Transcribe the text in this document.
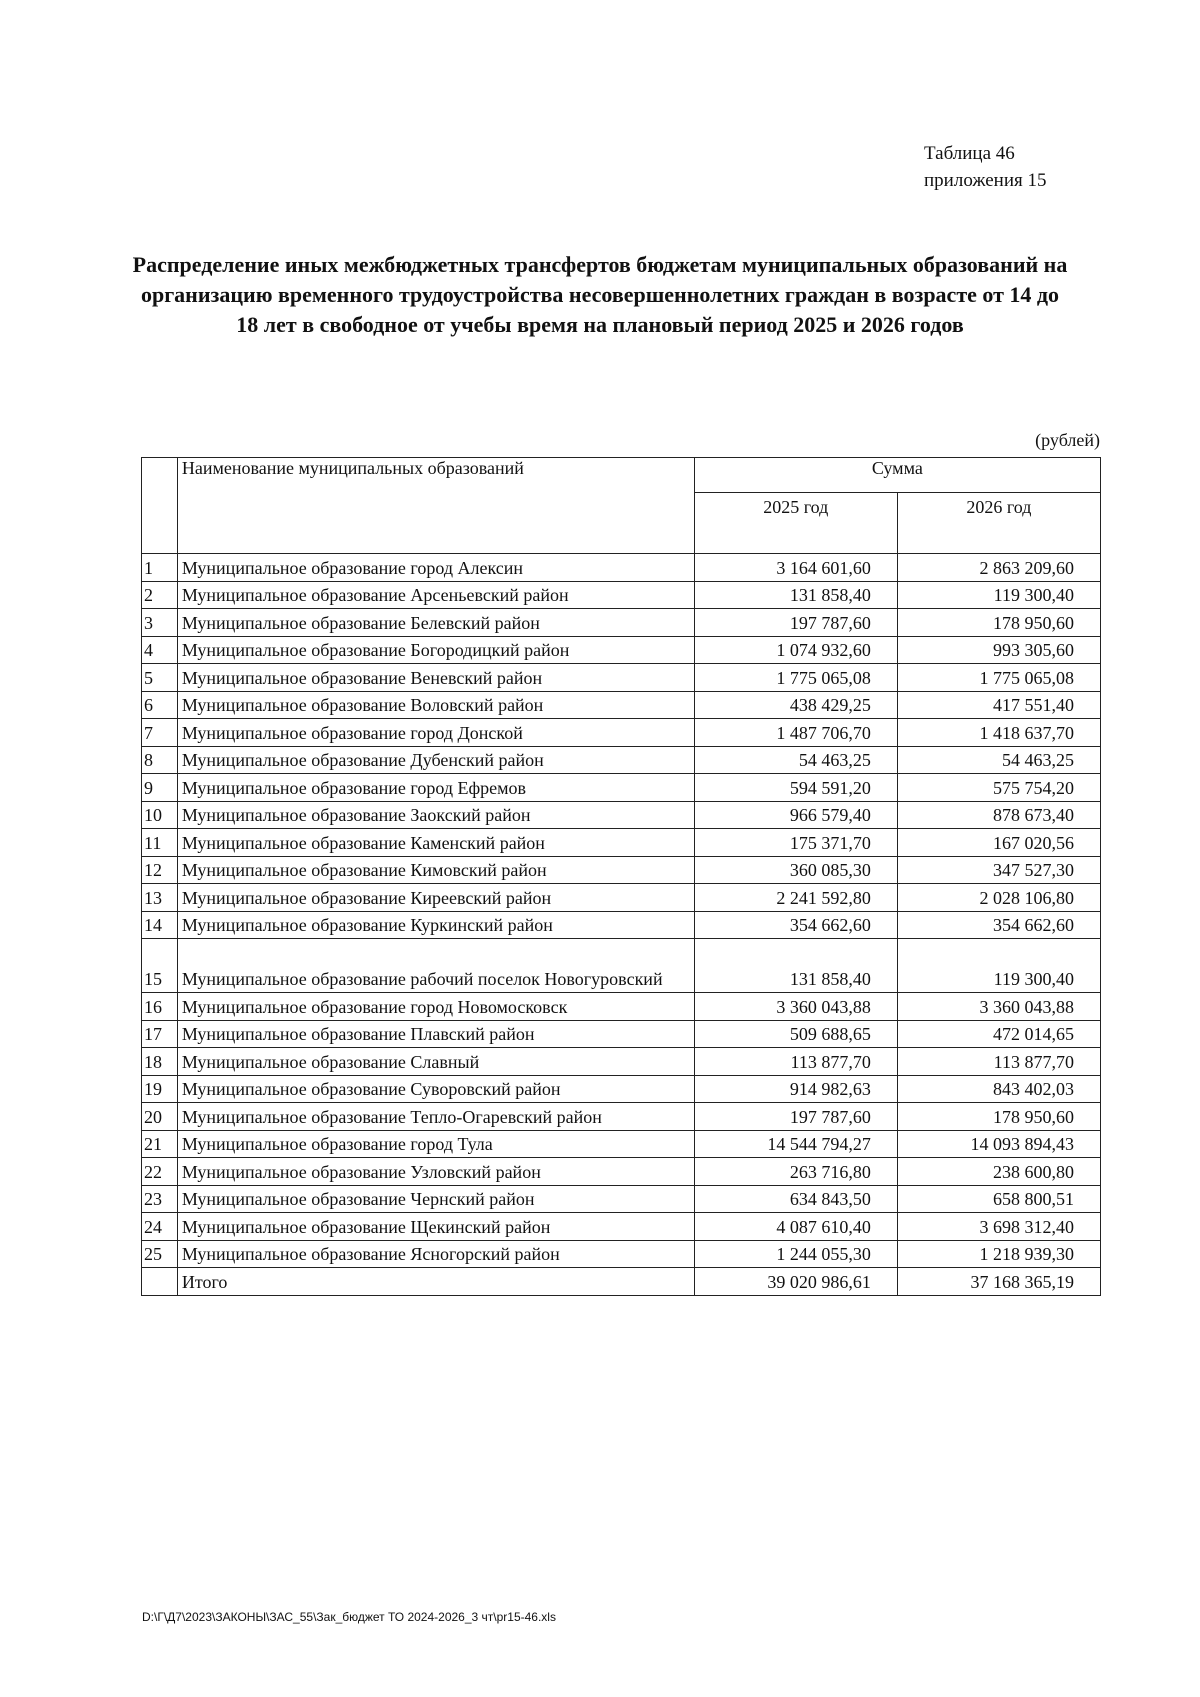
Таблица 46
приложения 15
Распределение иных межбюджетных трансфертов бюджетам муниципальных образований на организацию временного трудоустройства несовершеннолетних граждан в возрасте от 14 до 18 лет в свободное от учебы время на плановый период 2025 и 2026 годов
(рублей)
	Наименование муниципальных образований	Сумма	
		2025 год	2026 год
1	Муниципальное образование город Алексин	3 164 601,60	2 863 209,60
2	Муниципальное образование Арсеньевский район	131 858,40	119 300,40
3	Муниципальное образование Белевский район	197 787,60	178 950,60
4	Муниципальное образование Богородицкий район	1 074 932,60	993 305,60
5	Муниципальное образование Веневский район	1 775 065,08	1 775 065,08
6	Муниципальное образование Воловский район	438 429,25	417 551,40
7	Муниципальное образование город Донской	1 487 706,70	1 418 637,70
8	Муниципальное образование Дубенский район	54 463,25	54 463,25
9	Муниципальное образование город Ефремов	594 591,20	575 754,20
10	Муниципальное образование Заокский район	966 579,40	878 673,40
11	Муниципальное образование Каменский район	175 371,70	167 020,56
12	Муниципальное образование Кимовский район	360 085,30	347 527,30
13	Муниципальное образование Киреевский район	2 241 592,80	2 028 106,80
14	Муниципальное образование Куркинский район	354 662,60	354 662,60
15	Муниципальное образование рабочий поселок Новогуровский	131 858,40	119 300,40
16	Муниципальное образование город Новомосковск	3 360 043,88	3 360 043,88
17	Муниципальное образование Плавский район	509 688,65	472 014,65
18	Муниципальное образование Славный	113 877,70	113 877,70
19	Муниципальное образование Суворовский район	914 982,63	843 402,03
20	Муниципальное образование Тепло-Огаревский район	197 787,60	178 950,60
21	Муниципальное образование город Тула	14 544 794,27	14 093 894,43
22	Муниципальное образование Узловский район	263 716,80	238 600,80
23	Муниципальное образование Чернский район	634 843,50	658 800,51
24	Муниципальное образование Щекинский район	4 087 610,40	3 698 312,40
25	Муниципальное образование Ясногорский район	1 244 055,30	1 218 939,30
	Итого	39 020 986,61	37 168 365,19
D:\Г\Д7\2023\ЗАКОНЫ\ЗАС_55\Зак_бюджет ТО 2024-2026_3 чт\pr15-46.xls
